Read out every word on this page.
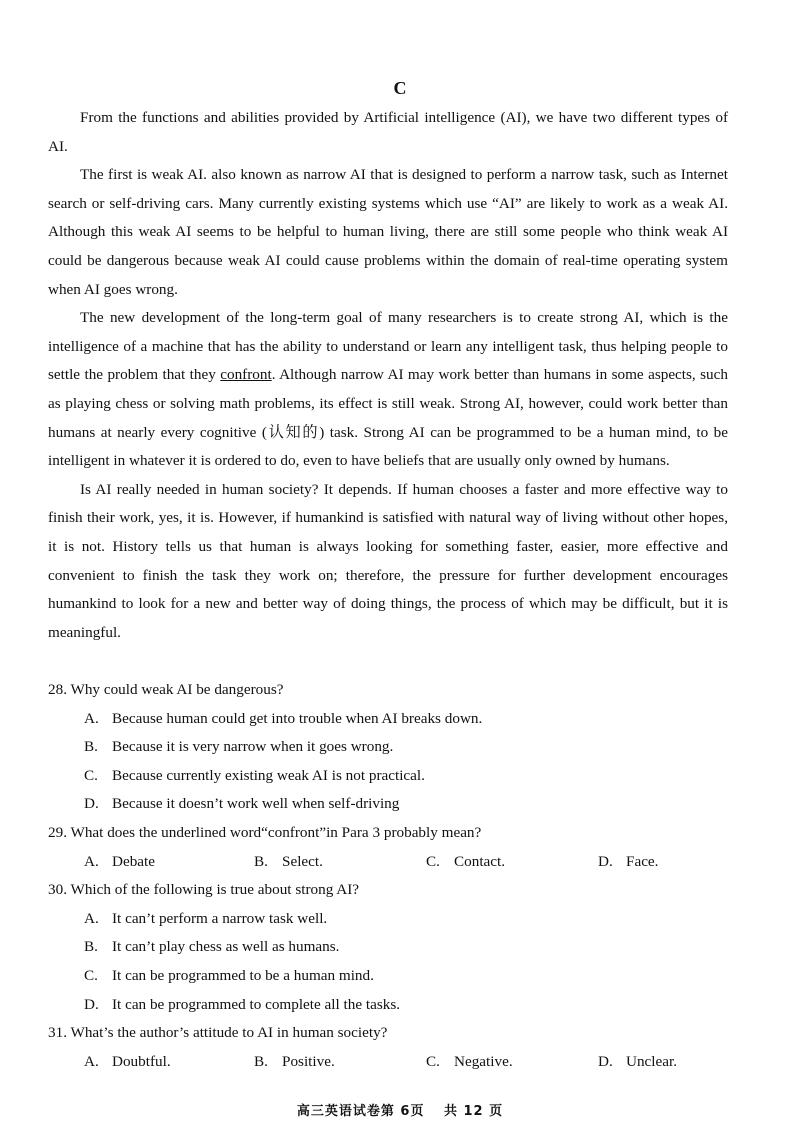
C

From the functions and abilities provided by Artificial intelligence (AI), we have two different types of AI.

The first is weak AI. also known as narrow AI that is designed to perform a narrow task, such as Internet search or self-driving cars. Many currently existing systems which use “AI” are likely to work as a weak AI. Although this weak AI seems to be helpful to human living, there are still some people who think weak AI could be dangerous because weak AI could cause problems within the domain of real-time operating system when AI goes wrong.

The new development of the long-term goal of many researchers is to create strong AI, which is the intelligence of a machine that has the ability to understand or learn any intelligent task, thus helping people to settle the problem that they confront. Although narrow AI may work better than humans in some aspects, such as playing chess or solving math problems, its effect is still weak. Strong AI, however, could work better than humans at nearly every cognitive (认知的) task. Strong AI can be programmed to be a human mind, to be intelligent in whatever it is ordered to do, even to have beliefs that are usually only owned by humans.

Is AI really needed in human society? It depends. If human chooses a faster and more effective way to finish their work, yes, it is. However, if humankind is satisfied with natural way of living without other hopes, it is not. History tells us that human is always looking for something faster, easier, more effective and convenient to finish the task they work on; therefore, the pressure for further development encourages humankind to look for a new and better way of doing things, the process of which may be difficult, but it is meaningful.

28. Why could weak AI be dangerous?

A. Because human could get into trouble when AI breaks down.

B. Because it is very narrow when it goes wrong.

C. Because currently existing weak AI is not practical.

D. Because it doesn’t work well when self-driving

29. What does the underlined word“confront”in Para 3 probably mean?

A. Debate	B. Select.	C. Contact.	D. Face.

30. Which of the following is true about strong AI?

A. It can’t perform a narrow task well.

B. It can’t play chess as well as humans.

C. It can be programmed to be a human mind.

D. It can be programmed to complete all the tasks.

31. What’s the author’s attitude to AI in human society?

A. Doubtful.	B. Positive.	C. Negative.	D. Unclear.

高三英语试卷第 6页　 共 12 页
